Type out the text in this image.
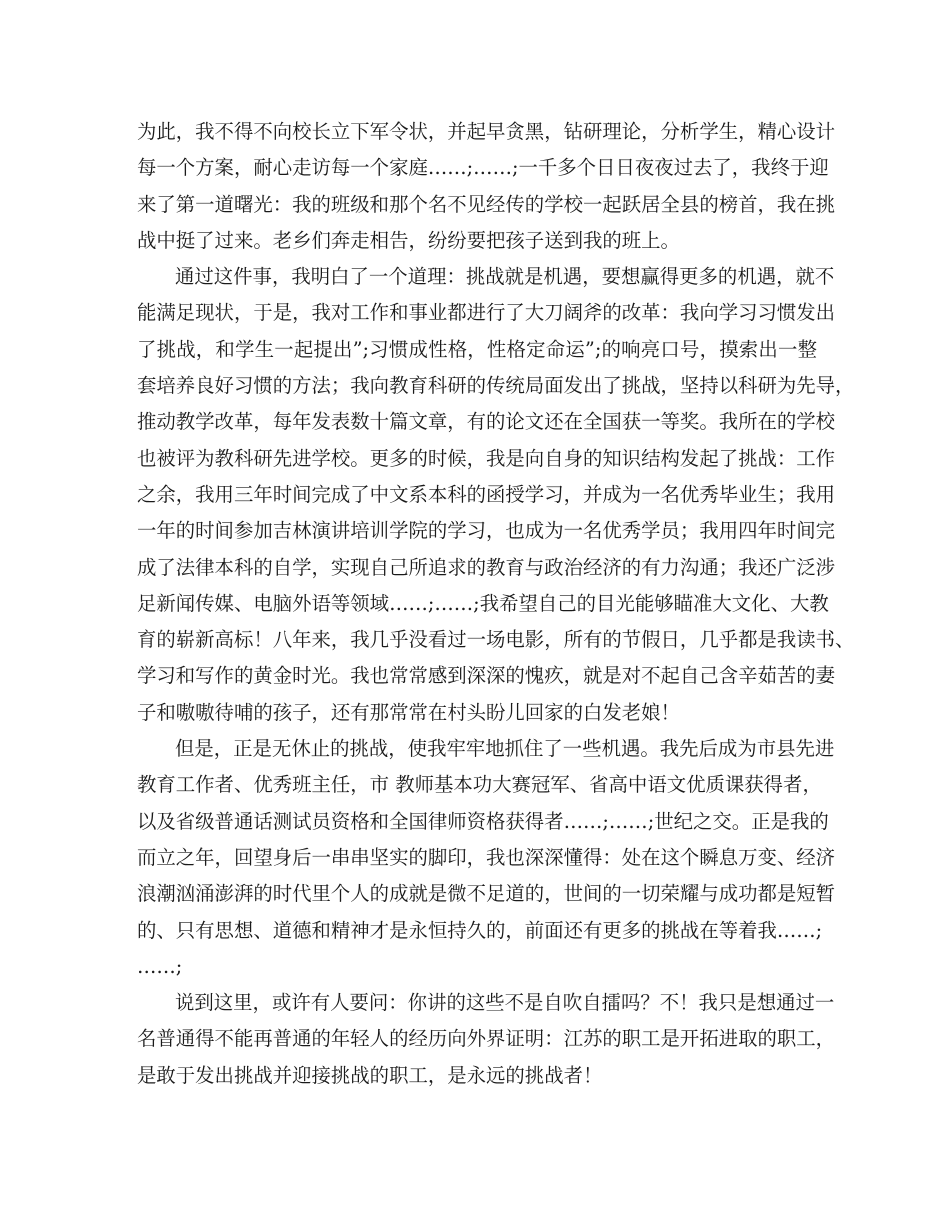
为此，我不得不向校长立下军令状，并起早贪黑，钻研理论，分析学生，精心设计
每一个方案，耐心走访每一个家庭……;……;一千多个日日夜夜过去了，我终于迎
来了第一道曙光：我的班级和那个名不见经传的学校一起跃居全县的榜首，我在挑
战中挺了过来。老乡们奔走相告，纷纷要把孩子送到我的班上。
通过这件事，我明白了一个道理：挑战就是机遇，要想赢得更多的机遇，就不
能满足现状，于是，我对工作和事业都进行了大刀阔斧的改革：我向学习习惯发出
了挑战，和学生一起提出”;习惯成性格，性格定命运”;的响亮口号，摸索出一整
套培养良好习惯的方法；我向教育科研的传统局面发出了挑战，坚持以科研为先导，
推动教学改革，每年发表数十篇文章，有的论文还在全国获一等奖。我所在的学校
也被评为教科研先进学校。更多的时候，我是向自身的知识结构发起了挑战：工作
之余，我用三年时间完成了中文系本科的函授学习，并成为一名优秀毕业生；我用
一年的时间参加吉林演讲培训学院的学习，也成为一名优秀学员；我用四年时间完
成了法律本科的自学，实现自己所追求的教育与政治经济的有力沟通；我还广泛涉
足新闻传媒、电脑外语等领域……;……;我希望自己的目光能够瞄准大文化、大教
育的崭新高标！八年来，我几乎没看过一场电影，所有的节假日，几乎都是我读书、
学习和写作的黄金时光。我也常常感到深深的愧疚，就是对不起自己含辛茹苦的妻
子和嗷嗷待哺的孩子，还有那常常在村头盼儿回家的白发老娘！
但是，正是无休止的挑战，使我牢牢地抓住了一些机遇。我先后成为市县先进
教育工作者、优秀班主任，市 教师基本功大赛冠军、省高中语文优质课获得者，
以及省级普通话测试员资格和全国律师资格获得者……;……;世纪之交。正是我的
而立之年，回望身后一串串坚实的脚印，我也深深懂得：处在这个瞬息万变、经济
浪潮汹涌澎湃的时代里个人的成就是微不足道的，世间的一切荣耀与成功都是短暂
的、只有思想、道德和精神才是永恒持久的，前面还有更多的挑战在等着我……;
……;
说到这里，或许有人要问：你讲的这些不是自吹自擂吗？不！我只是想通过一
名普通得不能再普通的年轻人的经历向外界证明：江苏的职工是开拓进取的职工，
是敢于发出挑战并迎接挑战的职工，是永远的挑战者！
